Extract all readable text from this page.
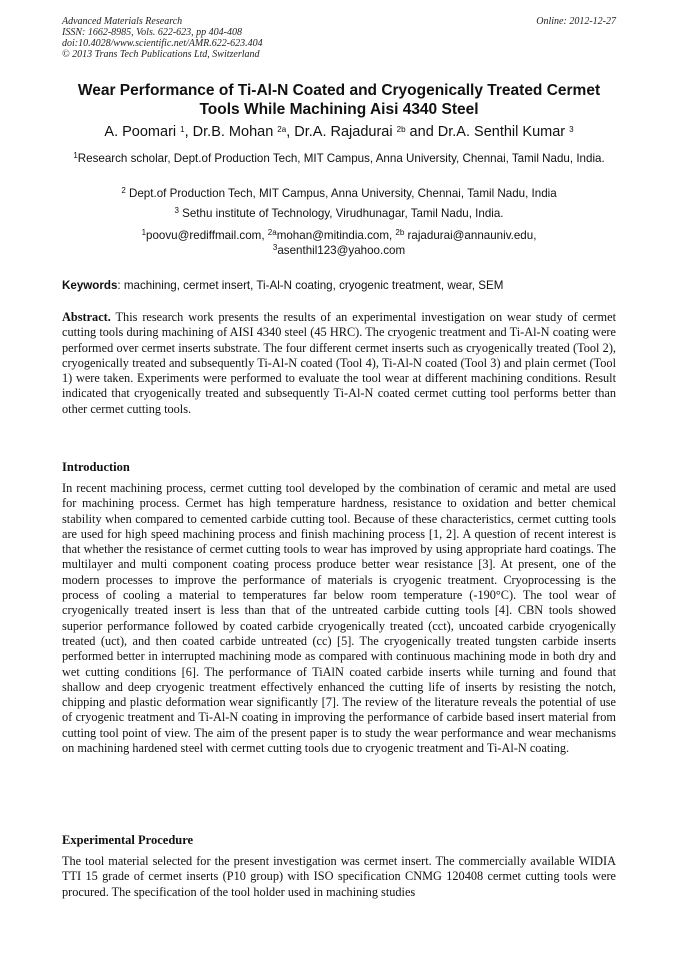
Advanced Materials Research
ISSN: 1662-8985, Vols. 622-623, pp 404-408
doi:10.4028/www.scientific.net/AMR.622-623.404
© 2013 Trans Tech Publications Ltd, Switzerland
Online: 2012-12-27
Wear Performance of Ti-Al-N Coated and Cryogenically Treated Cermet Tools While Machining Aisi 4340 Steel
A. Poomari $^1$, Dr.B. Mohan $^{2a}$, Dr.A. Rajadurai $^{2b}$ and Dr.A. Senthil Kumar $^3$
$^1$Research scholar, Dept.of Production Tech, MIT Campus, Anna University, Chennai, Tamil Nadu, India.
$^2$ Dept.of Production Tech, MIT Campus, Anna University, Chennai, Tamil Nadu, India
$^3$ Sethu institute of Technology, Virudhunagar, Tamil Nadu, India.
$^1$poovu@rediffmail.com, $^{2a}$mohan@mitindia.com, $^{2b}$ rajadurai@annauniv.edu,
$^3$asenthil123@yahoo.com
Keywords: machining, cermet insert, Ti-Al-N coating, cryogenic treatment, wear, SEM
Abstract. This research work presents the results of an experimental investigation on wear study of cermet cutting tools during machining of AISI 4340 steel (45 HRC). The cryogenic treatment and Ti-Al-N coating were performed over cermet inserts substrate. The four different cermet inserts such as cryogenically treated (Tool 2), cryogenically treated and subsequently Ti-Al-N coated (Tool 4), Ti-Al-N coated (Tool 3) and plain cermet (Tool 1) were taken. Experiments were performed to evaluate the tool wear at different machining conditions. Result indicated that cryogenically treated and subsequently Ti-Al-N coated cermet cutting tool performs better than other cermet cutting tools.
Introduction
In recent machining process, cermet cutting tool developed by the combination of ceramic and metal are used for machining process. Cermet has high temperature hardness, resistance to oxidation and better chemical stability when compared to cemented carbide cutting tool. Because of these characteristics, cermet cutting tools are used for high speed machining process and finish machining process [1, 2]. A question of recent interest is that whether the resistance of cermet cutting tools to wear has improved by using appropriate hard coatings. The multilayer and multi component coating process produce better wear resistance [3]. At present, one of the modern processes to improve the performance of materials is cryogenic treatment. Cryoprocessing is the process of cooling a material to temperatures far below room temperature (-190°C). The tool wear of cryogenically treated insert is less than that of the untreated carbide cutting tools [4]. CBN tools showed superior performance followed by coated carbide cryogenically treated (cct), uncoated carbide cryogenically treated (uct), and then coated carbide untreated (cc) [5]. The cryogenically treated tungsten carbide inserts performed better in interrupted machining mode as compared with continuous machining mode in both dry and wet cutting conditions [6]. The performance of TiAlN coated carbide inserts while turning and found that shallow and deep cryogenic treatment effectively enhanced the cutting life of inserts by resisting the notch, chipping and plastic deformation wear significantly [7]. The review of the literature reveals the potential of use of cryogenic treatment and Ti-Al-N coating in improving the performance of carbide based insert material from cutting tool point of view. The aim of the present paper is to study the wear performance and wear mechanisms on machining hardened steel with cermet cutting tools due to cryogenic treatment and Ti-Al-N coating.
Experimental Procedure
The tool material selected for the present investigation was cermet insert. The commercially available WIDIA TTI 15 grade of cermet inserts (P10 group) with ISO specification CNMG 120408 cermet cutting tools were procured. The specification of the tool holder used in machining studies
